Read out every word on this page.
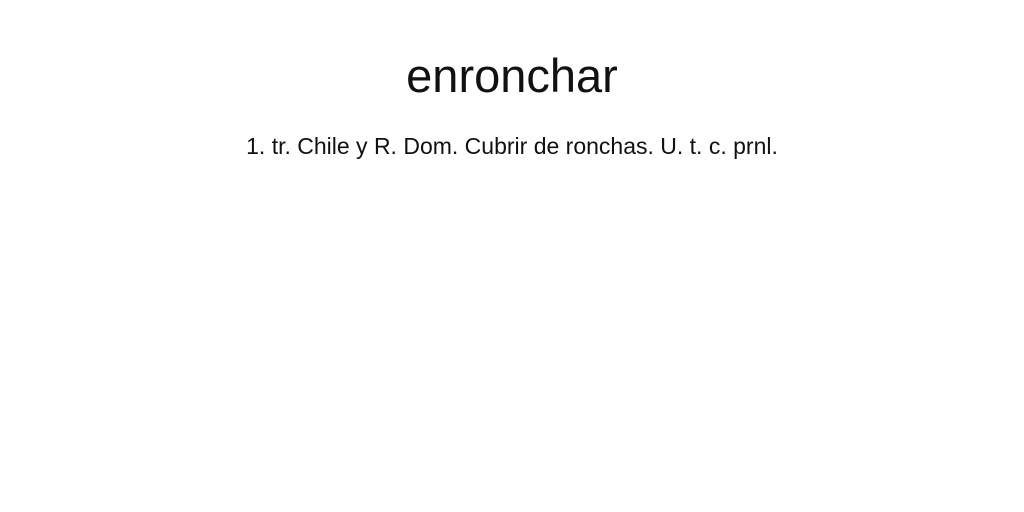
enronchar

1. tr. Chile y R. Dom. Cubrir de ronchas. U. t. c. prnl.
